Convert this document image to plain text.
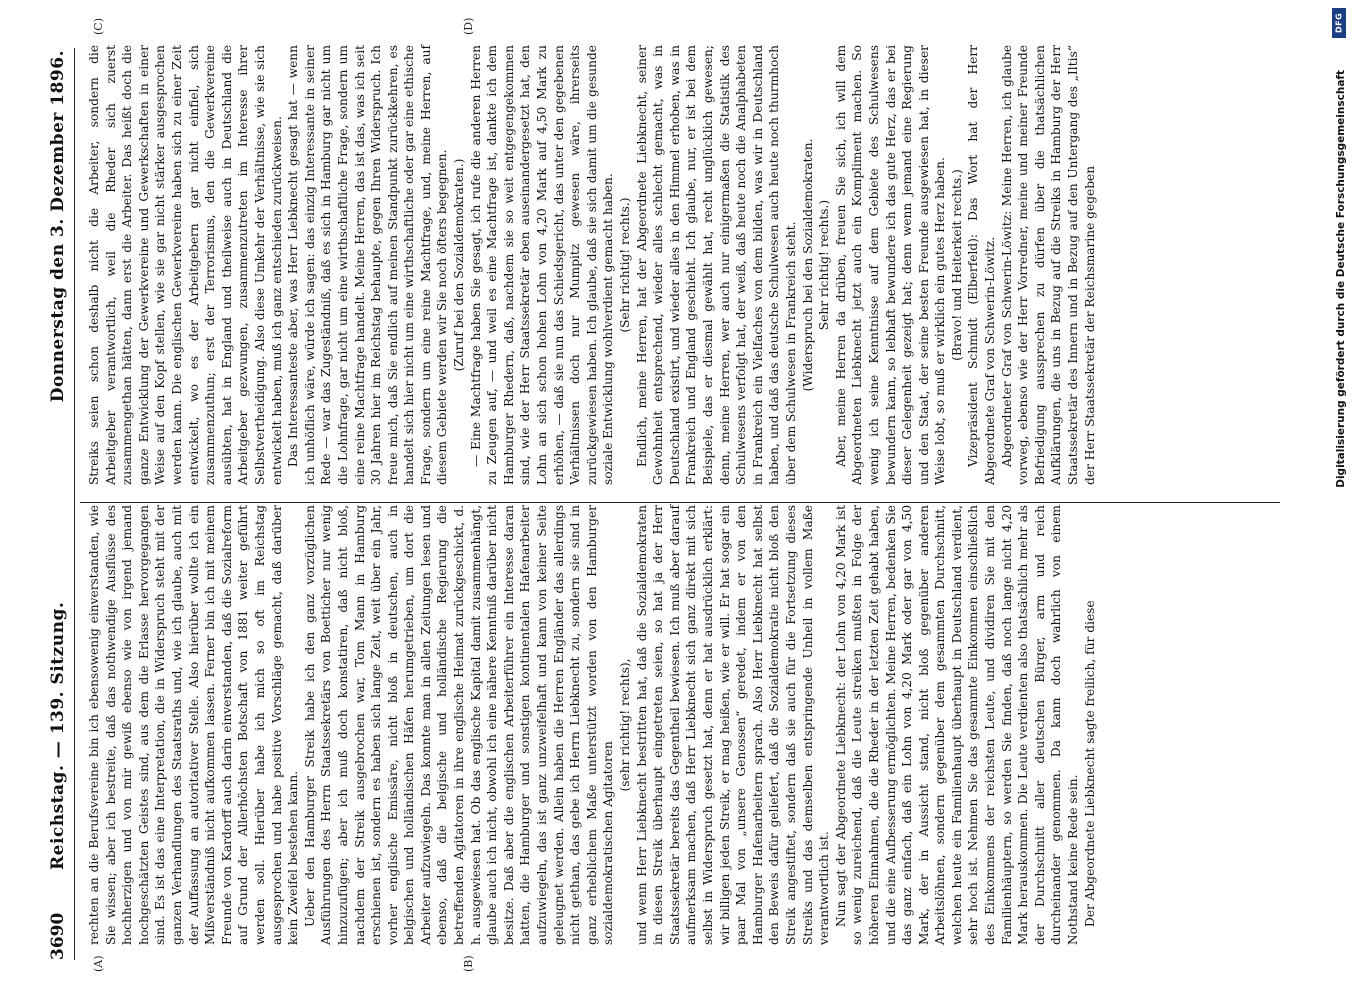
3690
Reichstag. — 139. Sitzung.
Donnerstag den 3. Dezember 1896.
(A)	(B)
(C)	(D)

rechten an die Berufsvereine bin ich ebensowenig einverstanden, wie Sie wissen; aber ich bestreite, daß das nothwendige Ausflüsse des hochherzigen und von mir gewiß ebenso wie von irgend jemand hochgeschätzten Geistes sind, aus dem die Erlasse hervorgegangen sind. Es ist das eine Interpretation, die in Widerspruch steht mit der ganzen Verhandlungen des Staatsraths und, wie ich glaube, auch mit der Auffassung an autoritativer Stelle. Also hierüber wollte ich ein Mißverständniß nicht aufkommen lassen. Ferner bin ich mit meinem Freunde von Kardorff auch darin einverstanden, daß die Sozialreform auf Grund der Allerhöchsten Botschaft von 1881 weiter geführt werden soll. Hierüber habe ich mich so oft im Reichstag ausgesprochen und habe positive Vorschläge gemacht, daß darüber kein Zweifel bestehen kann. Ueber den Hamburger Streik habe ich den ganz vorzüglichen Ausführungen des Herrn Staatssekretärs von Boetticher nur wenig hinzuzufügen; aber ich muß doch konstatiren, daß nicht bloß, nachdem der Streik ausgebrochen war, Tom Mann in Hamburg erschienen ist, sondern es haben sich lange Zeit, weit über ein Jahr, vorher englische Emissäre, nicht bloß in deutschen, auch in belgischen und holländischen Häfen herumgetrieben, um dort die Arbeiter aufzuwiegeln. Das konnte man in allen Zeitungen lesen und ebenso, daß die belgische und holländische Regierung die betreffenden Agitatoren in ihre englische Heimat zurückgeschickt, d. h. ausgewiesen hat. Ob das englische Kapital damit zusammenhängt, glaube auch ich nicht, obwohl ich eine nähere Kenntniß darüber nicht besitze. Daß aber die englischen Arbeiterführer ein Interesse daran hatten, die Hamburger und sonstigen kontinentalen Hafenarbeiter aufzuwiegeln, das ist ganz unzweifelhaft und kann von keiner Seite geleugnet werden. Allein haben die Herren Engländer das allerdings nicht gethan, das gebe ich Herrn Liebknecht zu, sondern sie sind in ganz erheblichem Maße unterstützt worden von den Hamburger sozialdemokratischen Agitatoren

(sehr richtig! rechts), und wenn Herr Liebknecht bestritten hat, daß die Sozialdemokraten in diesen Streik überhaupt eingetreten seien, so hat ja der Herr Staatssekretär bereits das Gegentheil bewiesen. Ich muß aber darauf aufmerksam machen, daß Herr Liebknecht sich ganz direkt mit sich selbst in Widerspruch gesetzt hat, denn er hat ausdrücklich erklärt: wir billigen jeden Streik, er mag heißen, wie er will. Er hat sogar ein paar Mal von „unsere Genossen“ geredet, indem er von den Hamburger Hafenarbeitern sprach. Also Herr Liebknecht hat selbst den Beweis dafür geliefert, daß die Sozialdemokratie nicht bloß den Streik angestiftet, sondern daß sie auch für die Fortsetzung dieses Streiks und das demselben entspringende Unheil in vollem Maße verantwortlich ist. Nun sagt der Abgeordnete Liebknecht: der Lohn von 4,20 Mark ist so wenig zureichend, daß die Leute streiken mußten in Folge der höheren Einnahmen, die die Rheder in der letzten Zeit gehabt haben, und die eine Aufbesserung ermöglichten. Meine Herren, bedenken Sie das ganz einfach, daß ein Lohn von 4,20 Mark oder gar von 4,50 Mark, der in Aussicht stand, nicht bloß gegenüber anderen Arbeitslöhnen, sondern gegenüber dem gesammten Durchschnitt, welchen heute ein Familienhaupt überhaupt in Deutschland verdient, sehr hoch ist. Nehmen Sie das gesammte Einkommen einschließlich des Einkommens der reichsten Leute, und dividiren Sie mit den Familienhäuptern, so werden Sie finden, daß noch lange nicht 4,20 Mark herauskommen. Die Leute verdienten also thatsächlich mehr als der Durchschnitt aller deutschen Bürger, arm und reich durcheinander genommen. Da kann doch wahrlich von einem Nothstand keine Rede sein. Der Abgeordnete Liebknecht sagte freilich, für diese

Streiks seien schon deshalb nicht die Arbeiter, sondern die Arbeitgeber verantwortlich, weil die Rheder sich zuerst zusammengethan hätten, dann erst die Arbeiter. Das heißt doch die ganze Entwicklung der Gewerkvereine und Gewerkschaften in einer Weise auf den Kopf stellen, wie sie gar nicht stärker ausgesprochen werden kann. Die englischen Gewerkvereine haben sich zu einer Zeit entwickelt, wo es der Arbeitgebern gar nicht einfiel, sich zusammenzuthun; erst der Terrorismus, den die Gewerkvereine ausübten, hat in England und theilweise auch in Deutschland die Arbeitgeber gezwungen, zusammenzutreten im Interesse ihrer Selbstvertheidigung. Also diese Umkehr der Verhältnisse, wie sie sich entwickelt haben, muß ich ganz entschieden zurückweisen. Das Interessanteste aber, was Herr Liebknecht gesagt hat — wenn ich unhöflich wäre, würde ich sagen: das einzig Interessante in seiner Rede — war das Zugeständniß, daß es sich in Hamburg gar nicht um die Lohnfrage, gar nicht um eine wirthschaftliche Frage, sondern um eine reine Machtfrage handelt. Meine Herren, das ist das, was ich seit 30 Jahren hier im Reichstag behaupte, gegen Ihren Widerspruch. Ich freue mich, daß Sie endlich auf meinen Standpunkt zurückkehren, es handelt sich hier nicht um eine wirthschaftliche oder gar eine ethische Frage, sondern um eine reine Machtfrage, und, meine Herren, auf diesem Gebiete werden wir Sie noch öfters begegnen. (Zuruf bei den Sozialdemokraten.) — Eine Machtfrage haben Sie gesagt, ich rufe die anderen Herren zu Zeugen auf, — und weil es eine Machtfrage ist, dankte ich dem Hamburger Rhedern, daß, nachdem sie so weit entgegengekommen sind, wie der Herr Staatssekretär eben auseinandergesetzt hat, den Lohn an sich schon hohen Lohn von 4,20 Mark auf 4,50 Mark zu erhöhen, — daß sie nun das Schiedsgericht, das unter den gegebenen Verhältnissen doch nur Mumpitz gewesen wäre, ihrerseits zurückgewiesen haben. Ich glaube, daß sie sich damit um die gesunde soziale Entwicklung wohlverdient gemacht haben. (Sehr richtig! rechts.) Endlich, meine Herren, hat der Abgeordnete Liebknecht, seiner Gewohnheit entsprechend, wieder alles schlecht gemacht, was in Deutschland existirt, und wieder alles in den Himmel erhoben, was in Frankreich und England geschieht. Ich glaube, nur, er ist bei dem Beispiele, das er diesmal gewählt hat, recht unglücklich gewesen; denn, meine Herren, wer auch nur einigermaßen die Statistik des Schulwesens verfolgt hat, der weiß, daß heute noch die Analphabeten in Frankreich ein Vielfaches von dem bilden, was wir in Deutschland haben, und daß das deutsche Schulwesen auch heute noch thurmhoch über dem Schulwesen in Frankreich steht. (Widerspruch bei den Sozialdemokraten. Sehr richtig! rechts.) Aber, meine Herren da drüben, freuen Sie sich, ich will dem Abgeordneten Liebknecht jetzt auch ein Kompliment machen. So wenig ich seine Kenntnisse auf dem Gebiete des Schulwesens bewundern kann, so lebhaft bewundere ich das gute Herz, das er bei dieser Gelegenheit gezeigt hat; denn wenn jemand eine Regierung und den Staat, der seine besten Freunde ausgewiesen hat, in dieser Weise lobt, so muß er wirklich ein gutes Herz haben. (Bravo! und Heiterkeit rechts.) Vizepräsident Schmidt (Elberfeld): Das Wort hat der Herr Abgeordnete Graf von Schwerin-Löwitz. Abgeordneter Graf von Schwerin-Löwitz: Meine Herren, ich glaube vorweg, ebenso wie der Herr Vorredner, meine und meiner Freunde Befriedigung aussprechen zu dürfen über die thatsächlichen Aufklärungen, die uns in Bezug auf die Streiks in Hamburg der Herr Staatssekretär des Innern und in Bezug auf den Untergang des „Iltis“ der Herr Staatssekretär der Reichsmarine gegeben	Digitalisierung gefördert durch die Deutsche Forschungsgemeinschaft
DFG
